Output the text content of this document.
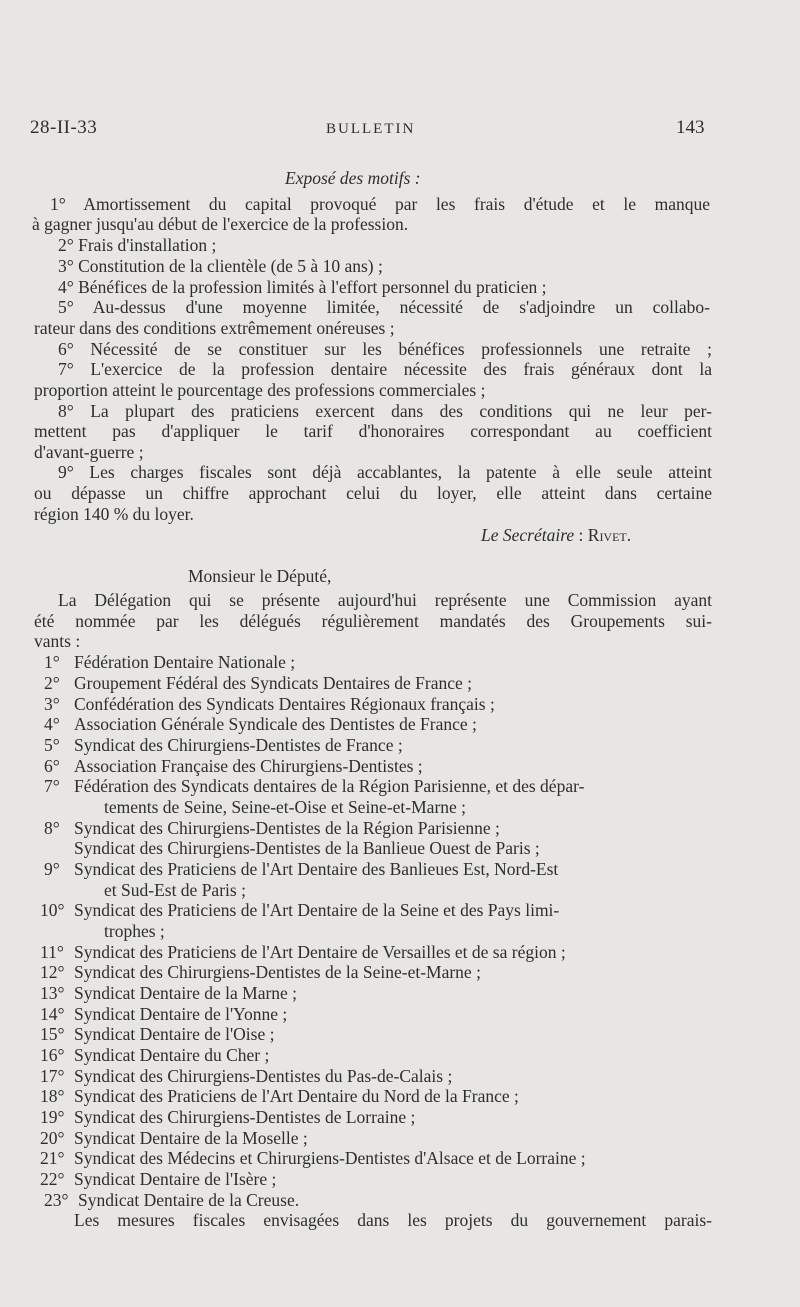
28-II-33	BULLETIN	143
Exposé des motifs :
1° Amortissement du capital provoqué par les frais d'étude et le manque
à gagner jusqu'au début de l'exercice de la profession.
2° Frais d'installation ;
3° Constitution de la clientèle (de 5 à 10 ans) ;
4° Bénéfices de la profession limités à l'effort personnel du praticien ;
5° Au-dessus d'une moyenne limitée, nécessité de s'adjoindre un collabo-
rateur dans des conditions extrêmement onéreuses ;
6° Nécessité de se constituer sur les bénéfices professionnels une retraite ;
7° L'exercice de la profession dentaire nécessite des frais généraux dont la
proportion atteint le pourcentage des professions commerciales ;
8° La plupart des praticiens exercent dans des conditions qui ne leur per-
mettent pas d'appliquer le tarif d'honoraires correspondant au coefficient
d'avant-guerre ;
9° Les charges fiscales sont déjà accablantes, la patente à elle seule atteint
ou dépasse un chiffre approchant celui du loyer, elle atteint dans certaine
région 140 % du loyer.
Le Secrétaire : Rivet.
Monsieur le Député,
La Délégation qui se présente aujourd'hui représente une Commission ayant
été nommée par les délégués régulièrement mandatés des Groupements sui-
vants :
1° Fédération Dentaire Nationale ;
2° Groupement Fédéral des Syndicats Dentaires de France ;
3° Confédération des Syndicats Dentaires Régionaux français ;
4° Association Générale Syndicale des Dentistes de France ;
5° Syndicat des Chirurgiens-Dentistes de France ;
6° Association Française des Chirurgiens-Dentistes ;
7° Fédération des Syndicats dentaires de la Région Parisienne, et des dépar-
tements de Seine, Seine-et-Oise et Seine-et-Marne ;
8° Syndicat des Chirurgiens-Dentistes de la Région Parisienne ;
Syndicat des Chirurgiens-Dentistes de la Banlieue Ouest de Paris ;
9° Syndicat des Praticiens de l'Art Dentaire des Banlieues Est, Nord-Est
et Sud-Est de Paris ;
10° Syndicat des Praticiens de l'Art Dentaire de la Seine et des Pays limi-
trophes ;
11° Syndicat des Praticiens de l'Art Dentaire de Versailles et de sa région ;
12° Syndicat des Chirurgiens-Dentistes de la Seine-et-Marne ;
13° Syndicat Dentaire de la Marne ;
14° Syndicat Dentaire de l'Yonne ;
15° Syndicat Dentaire de l'Oise ;
16° Syndicat Dentaire du Cher ;
17° Syndicat des Chirurgiens-Dentistes du Pas-de-Calais ;
18° Syndicat des Praticiens de l'Art Dentaire du Nord de la France ;
19° Syndicat des Chirurgiens-Dentistes de Lorraine ;
20° Syndicat Dentaire de la Moselle ;
21° Syndicat des Médecins et Chirurgiens-Dentistes d'Alsace et de Lorraine ;
22° Syndicat Dentaire de l'Isère ;
23° Syndicat Dentaire de la Creuse.
Les mesures fiscales envisagées dans les projets du gouvernement parais-
